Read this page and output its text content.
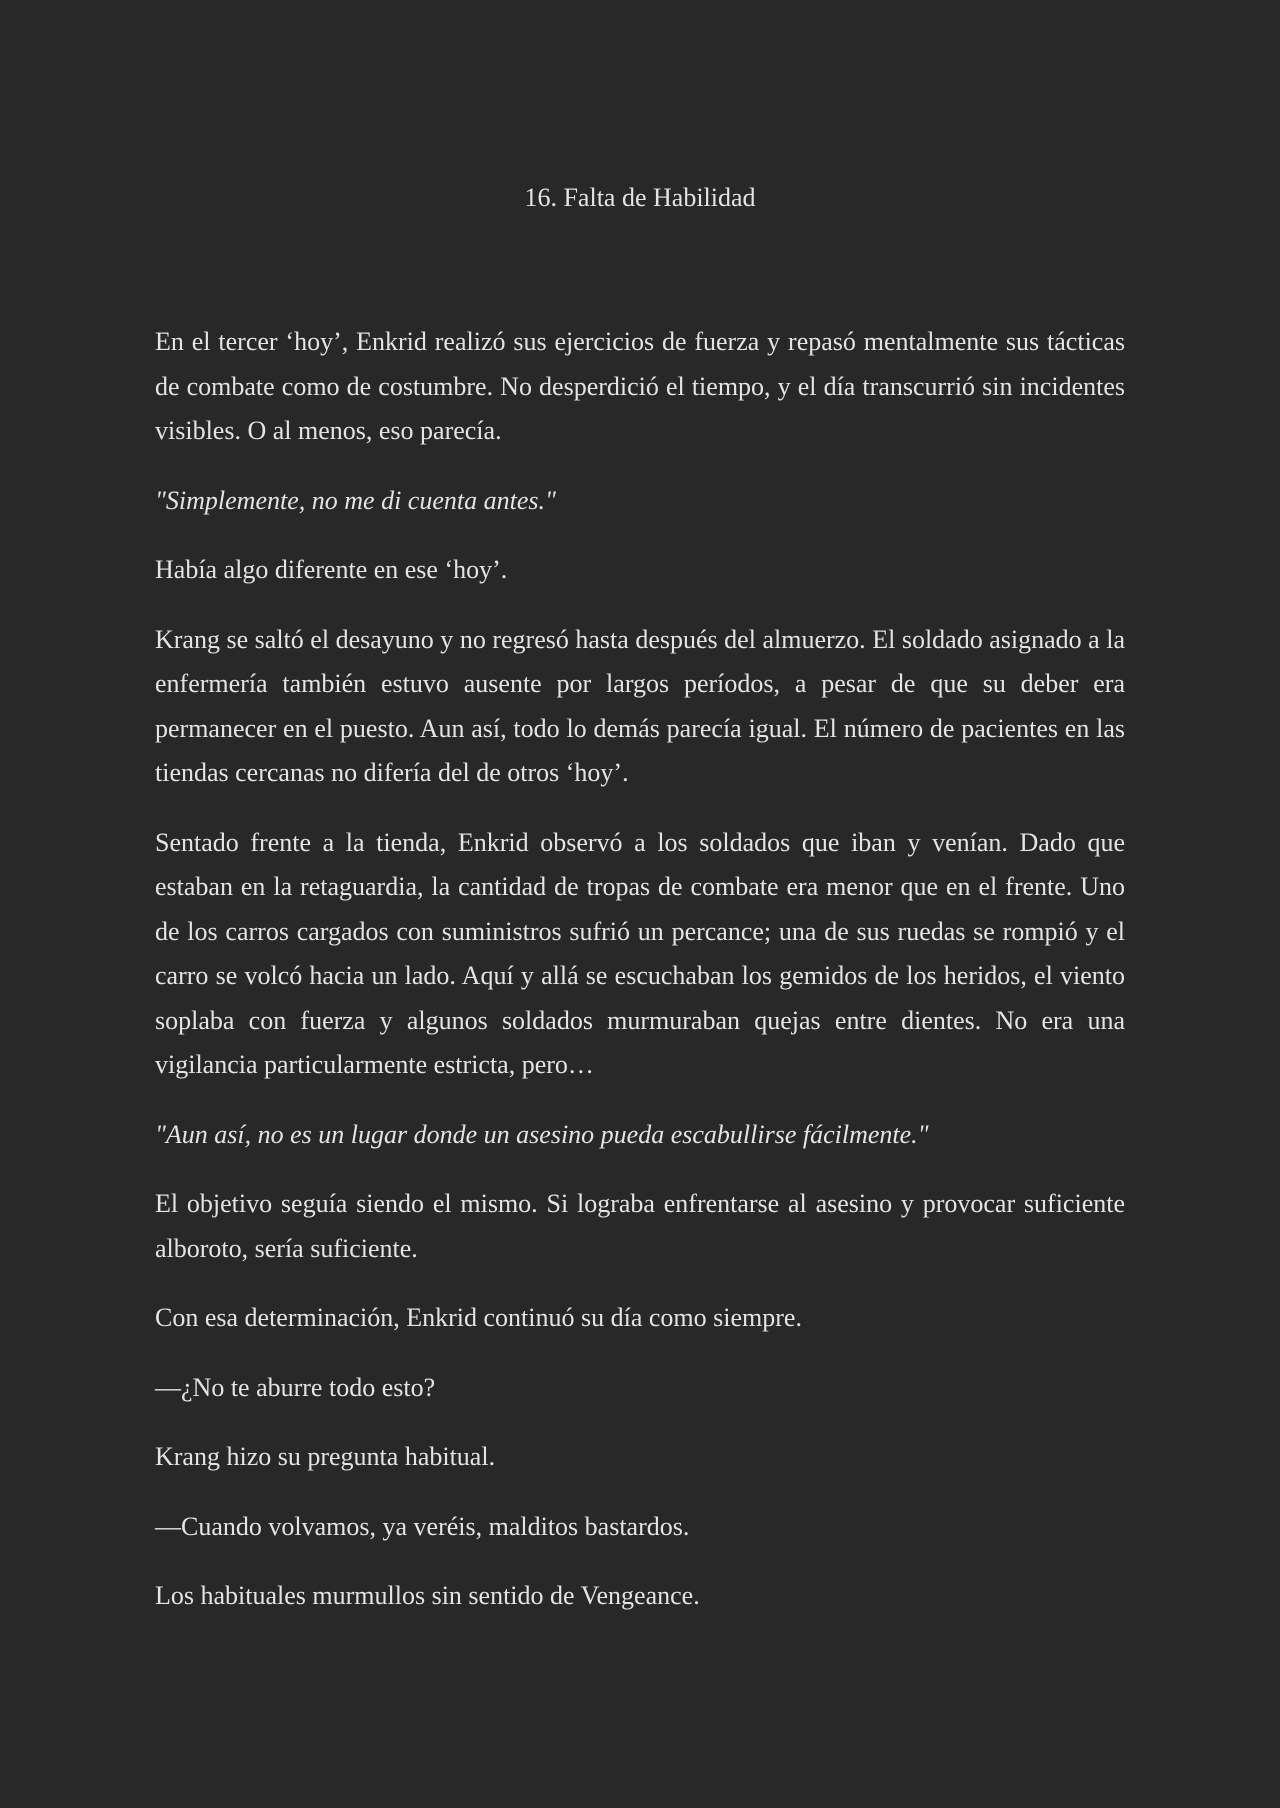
16. Falta de Habilidad

En el tercer ‘hoy’, Enkrid realizó sus ejercicios de fuerza y repasó mentalmente sus tácticas de combate como de costumbre. No desperdició el tiempo, y el día transcurrió sin incidentes visibles. O al menos, eso parecía.

"Simplemente, no me di cuenta antes."

Había algo diferente en ese ‘hoy’.

Krang se saltó el desayuno y no regresó hasta después del almuerzo. El soldado asignado a la enfermería también estuvo ausente por largos períodos, a pesar de que su deber era permanecer en el puesto. Aun así, todo lo demás parecía igual. El número de pacientes en las tiendas cercanas no difería del de otros ‘hoy’.

Sentado frente a la tienda, Enkrid observó a los soldados que iban y venían. Dado que estaban en la retaguardia, la cantidad de tropas de combate era menor que en el frente. Uno de los carros cargados con suministros sufrió un percance; una de sus ruedas se rompió y el carro se volcó hacia un lado. Aquí y allá se escuchaban los gemidos de los heridos, el viento soplaba con fuerza y algunos soldados murmuraban quejas entre dientes. No era una vigilancia particularmente estricta, pero…

"Aun así, no es un lugar donde un asesino pueda escabullirse fácilmente."

El objetivo seguía siendo el mismo. Si lograba enfrentarse al asesino y provocar suficiente alboroto, sería suficiente.

Con esa determinación, Enkrid continuó su día como siempre.

—¿No te aburre todo esto?

Krang hizo su pregunta habitual.

—Cuando volvamos, ya veréis, malditos bastardos.

Los habituales murmullos sin sentido de Vengeance.
